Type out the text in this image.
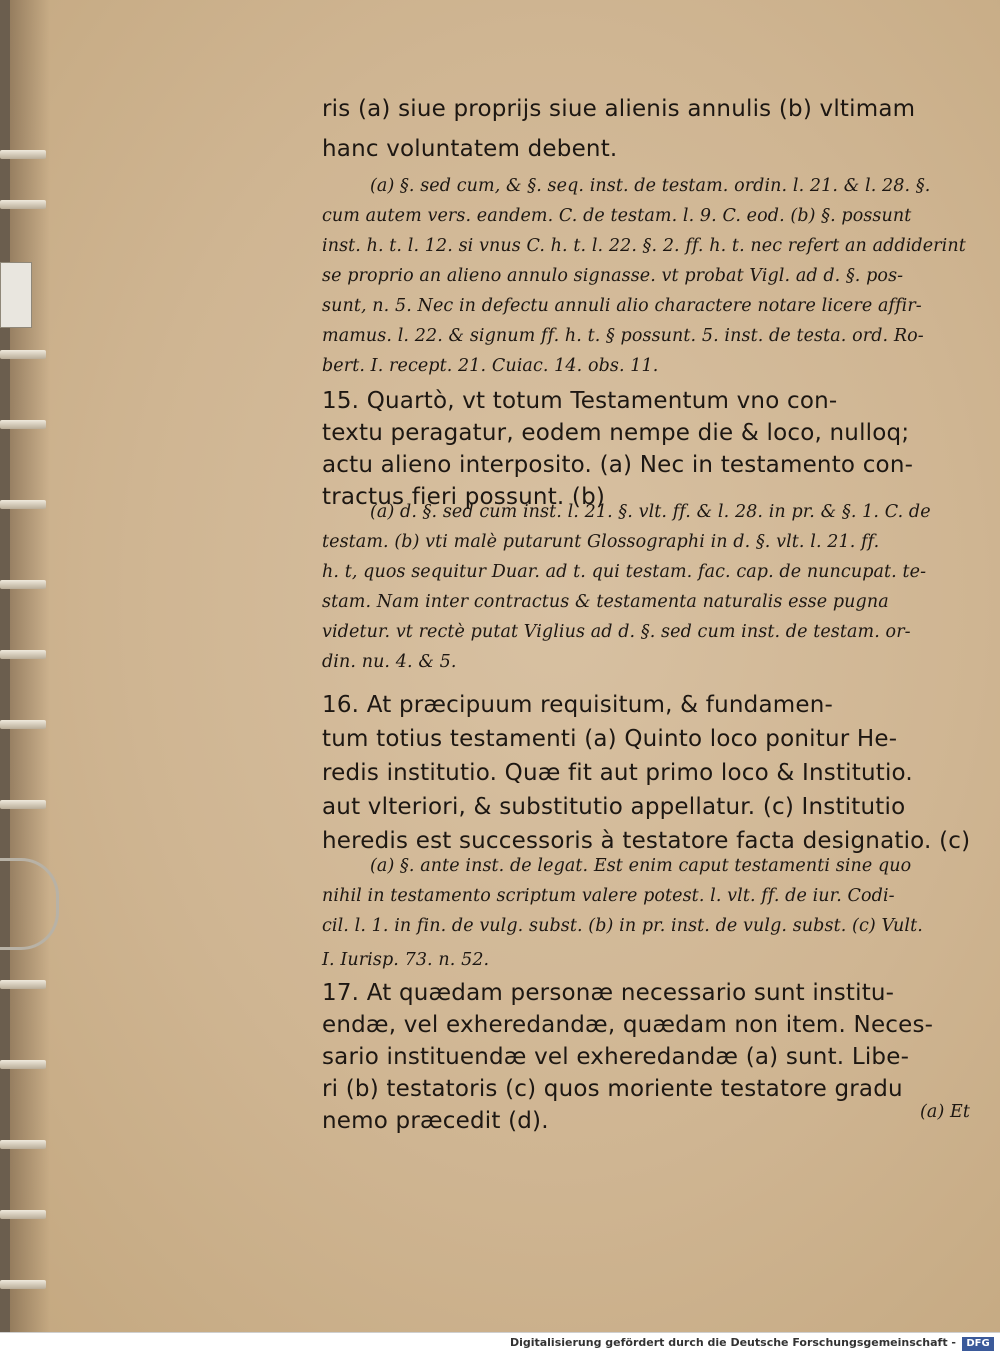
ris (a) siue proprijs siue alienis annulis (b) vltimam
hanc voluntatem debent.
(a) §. sed cum, & §. seq. inst. de testam. ordin. l. 21. & l. 28. §.
cum autem vers. eandem. C. de testam. l. 9. C. eod. (b) §. possunt
inst. h. t. l. 12. si vnus C. h. t. l. 22. §. 2. ff. h. t. nec refert an addiderint
se proprio an alieno annulo signasse. vt probat Vigl. ad d. §. pos-
sunt, n. 5. Nec in defectu annuli alio charactere notare licere affir-
mamus. l. 22. & signum ff. h. t. § possunt. 5. inst. de testa. ord. Ro-
bert. I. recept. 21. Cuiac. 14. obs. 11.
15. Quartò, vt totum Testamentum vno con-
textu peragatur, eodem nempe die & loco, nulloq;
actu alieno interposito. (a) Nec in testamento con-
tractus fieri possunt. (b)
(a) d. §. sed cum inst. l. 21. §. vlt. ff. & l. 28. in pr. & §. 1. C. de
testam. (b) vti malè putarunt Glossographi in d. §. vlt. l. 21. ff.
h. t, quos sequitur Duar. ad t. qui testam. fac. cap. de nuncupat. te-
stam. Nam inter contractus & testamenta naturalis esse pugna
videtur. vt rectè putat Viglius ad d. §. sed cum inst. de testam. or-
din. nu. 4. & 5.
16. At præcipuum requisitum, & fundamen-
tum totius testamenti (a) Quinto loco ponitur He-
redis institutio. Quæ fit aut primo loco & Institutio.
aut vlteriori, & substitutio appellatur. (c) Institutio
heredis est successoris à testatore facta designatio. (c)
(a) §. ante inst. de legat. Est enim caput testamenti sine quo
nihil in testamento scriptum valere potest. l. vlt. ff. de iur. Codi-
cil. l. 1. in fin. de vulg. subst. (b) in pr. inst. de vulg. subst. (c) Vult.
I. Iurisp. 73. n. 52.
17. At quædam personæ necessario sunt institu-
endæ, vel exheredandæ, quædam non item. Neces-
sario instituendæ vel exheredandæ (a) sunt. Libe-
ri (b) testatoris (c) quos moriente testatore gradu
nemo præcedit (d).	(a) Et
Digitalisierung gefördert durch die Deutsche Forschungsgemeinschaft -	DFG
